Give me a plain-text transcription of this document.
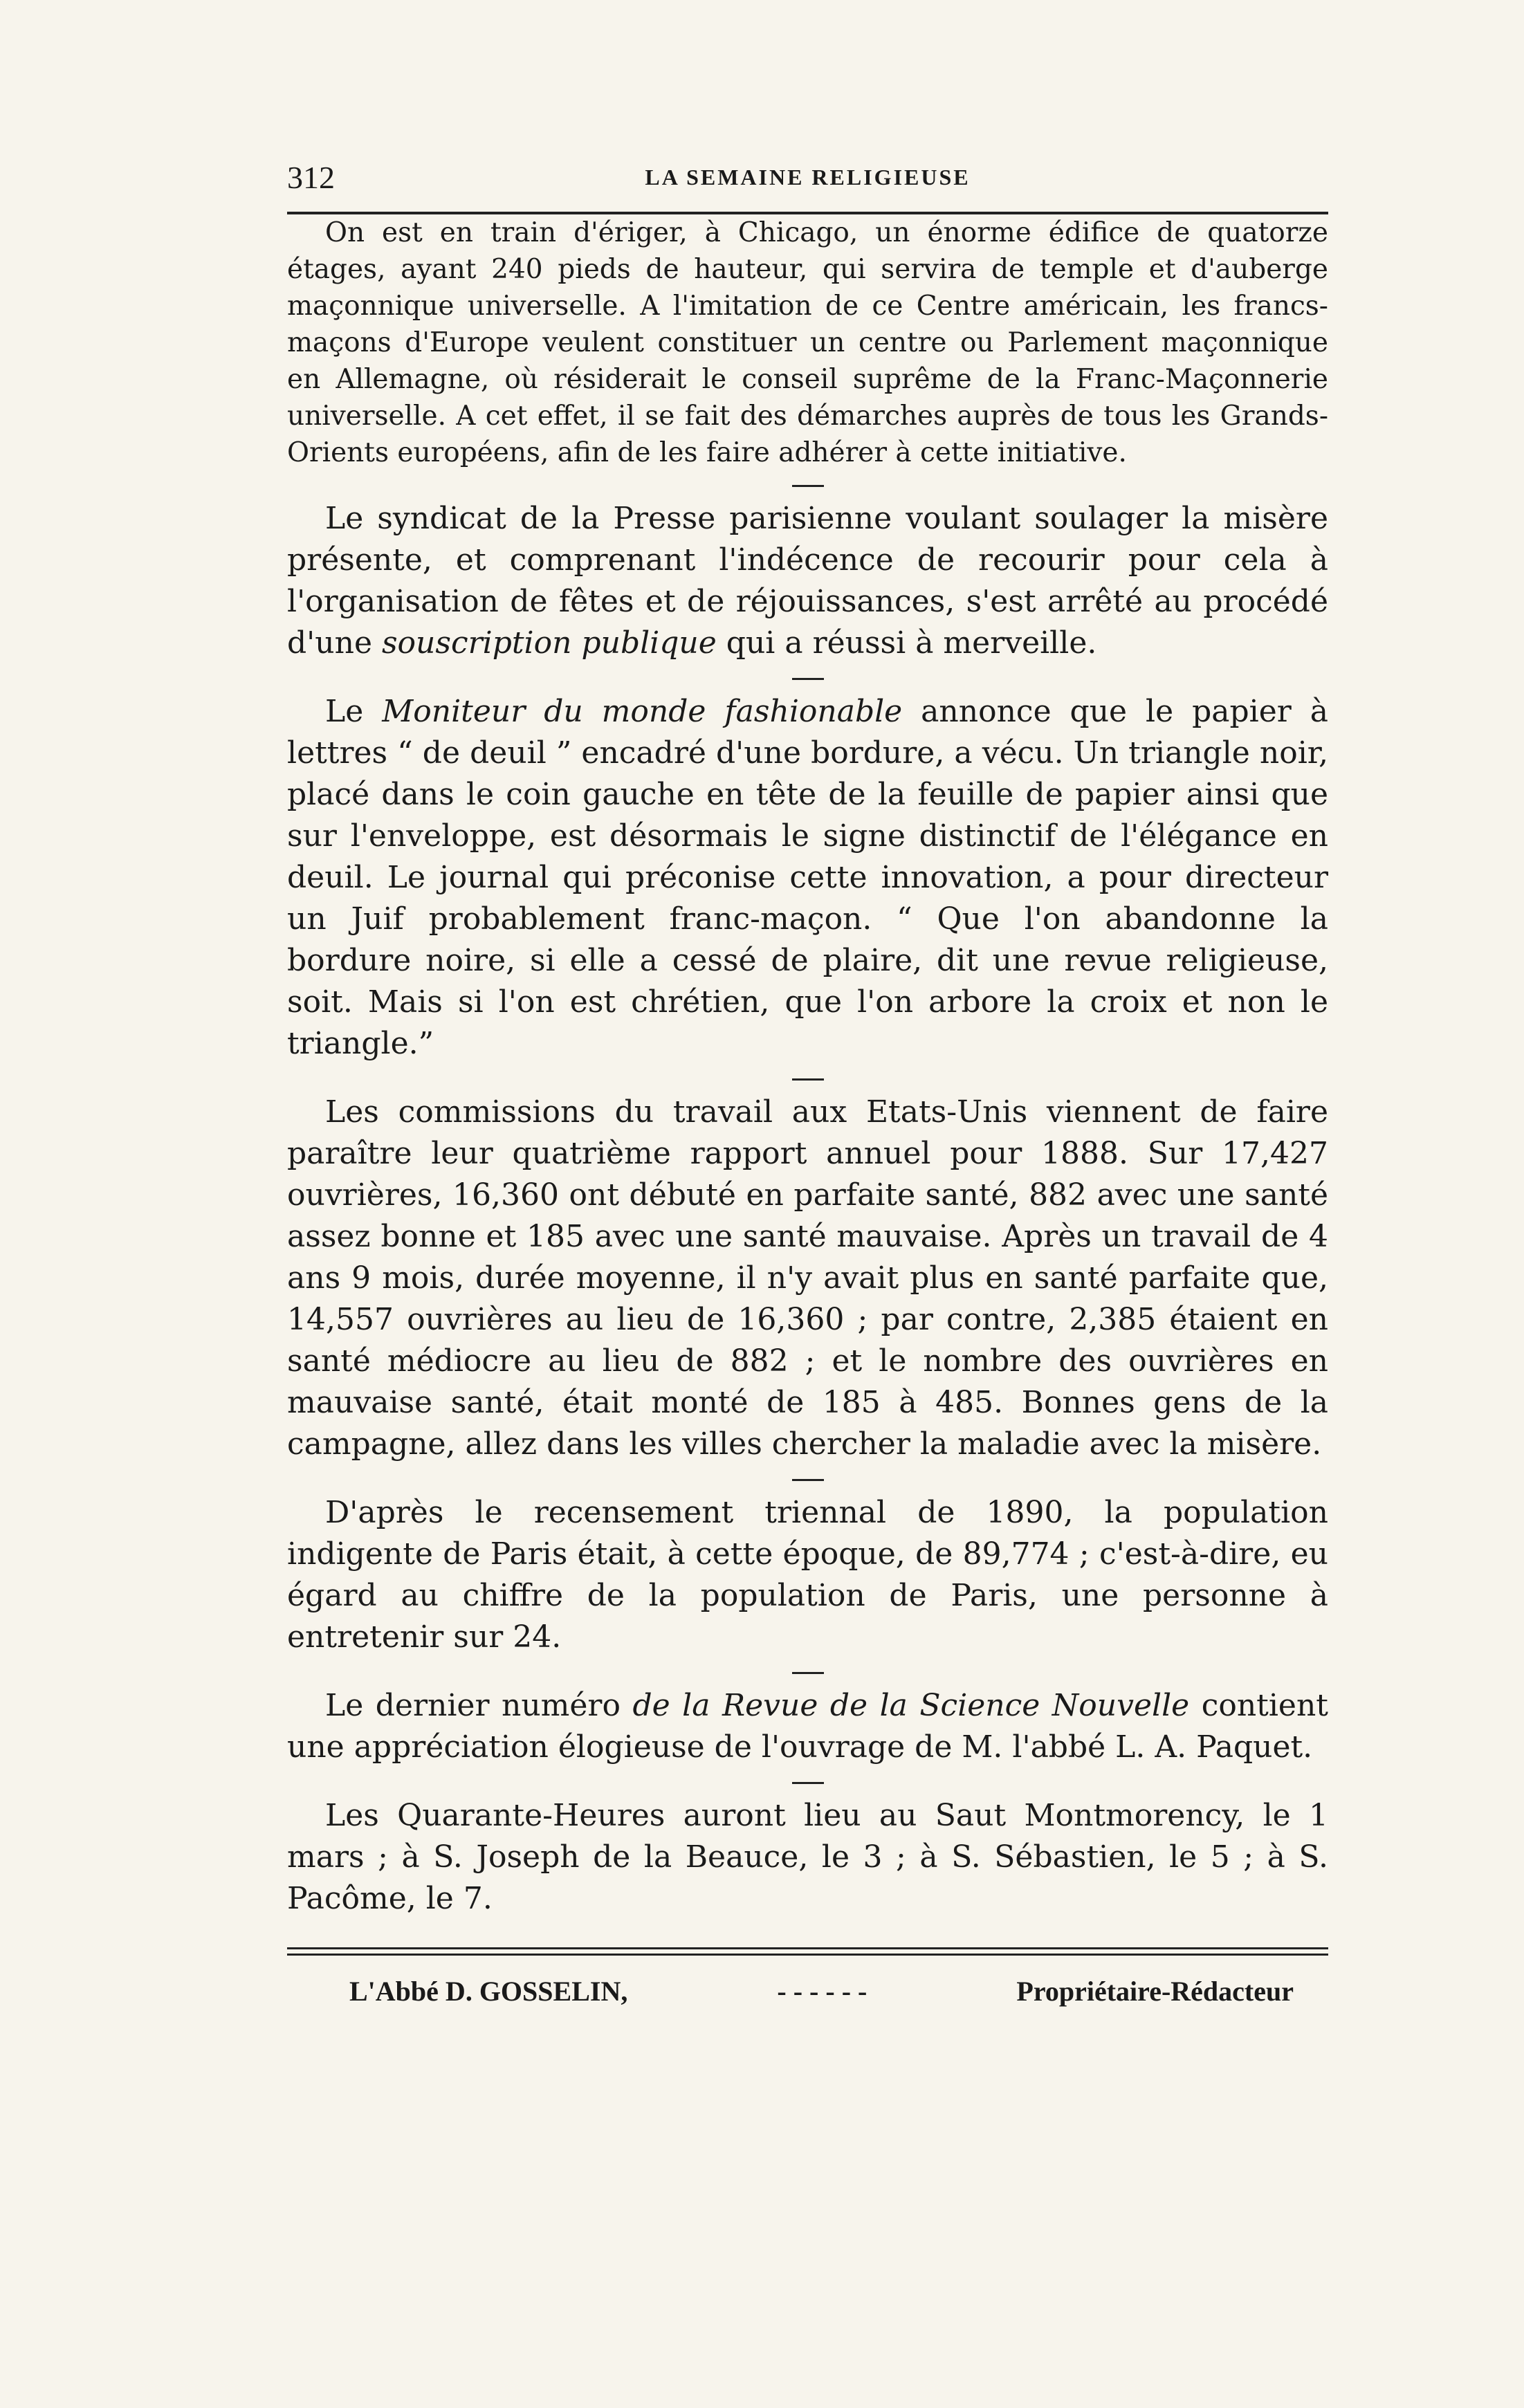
312	LA SEMAINE RELIGIEUSE

On est en train d'ériger, à Chicago, un énorme édifice de quatorze étages, ayant 240 pieds de hauteur, qui servira de temple et d'auberge maçonnique universelle. A l'imitation de ce Centre américain, les francs-maçons d'Europe veulent constituer un centre ou Parlement maçonnique en Allemagne, où résiderait le conseil suprême de la Franc-Maçonnerie universelle. A cet effet, il se fait des démarches auprès de tous les Grands-Orients européens, afin de les faire adhérer à cette initiative.

Le syndicat de la Presse parisienne voulant soulager la misère présente, et comprenant l'indécence de recourir pour cela à l'organisation de fêtes et de réjouissances, s'est arrêté au procédé d'une souscription publique qui a réussi à merveille.

Le Moniteur du monde fashionable annonce que le papier à lettres “ de deuil ” encadré d'une bordure, a vécu. Un triangle noir, placé dans le coin gauche en tête de la feuille de papier ainsi que sur l'enveloppe, est désormais le signe distinctif de l'élégance en deuil. Le journal qui préconise cette innovation, a pour directeur un Juif probablement franc-maçon. “ Que l'on abandonne la bordure noire, si elle a cessé de plaire, dit une revue religieuse, soit. Mais si l'on est chrétien, que l'on arbore la croix et non le triangle.”

Les commissions du travail aux Etats-Unis viennent de faire paraître leur quatrième rapport annuel pour 1888. Sur 17,427 ouvrières, 16,360 ont débuté en parfaite santé, 882 avec une santé assez bonne et 185 avec une santé mauvaise. Après un travail de 4 ans 9 mois, durée moyenne, il n'y avait plus en santé parfaite que, 14,557 ouvrières au lieu de 16,360 ; par contre, 2,385 étaient en santé médiocre au lieu de 882 ; et le nombre des ouvrières en mauvaise santé, était monté de 185 à 485. Bonnes gens de la campagne, allez dans les villes chercher la maladie avec la misère.

D'après le recensement triennal de 1890, la population indigente de Paris était, à cette époque, de 89,774 ; c'est-à-dire, eu égard au chiffre de la population de Paris, une personne à entretenir sur 24.

Le dernier numéro de la Revue de la Science Nouvelle contient une appréciation élogieuse de l'ouvrage de M. l'abbé L. A. Paquet.

Les Quarante-Heures auront lieu au Saut Montmorency, le 1 mars ; à S. Joseph de la Beauce, le 3 ; à S. Sébastien, le 5 ; à S. Pacôme, le 7.

L'Abbé D. GOSSELIN,	- - - - - -	Propriétaire-Rédacteur
